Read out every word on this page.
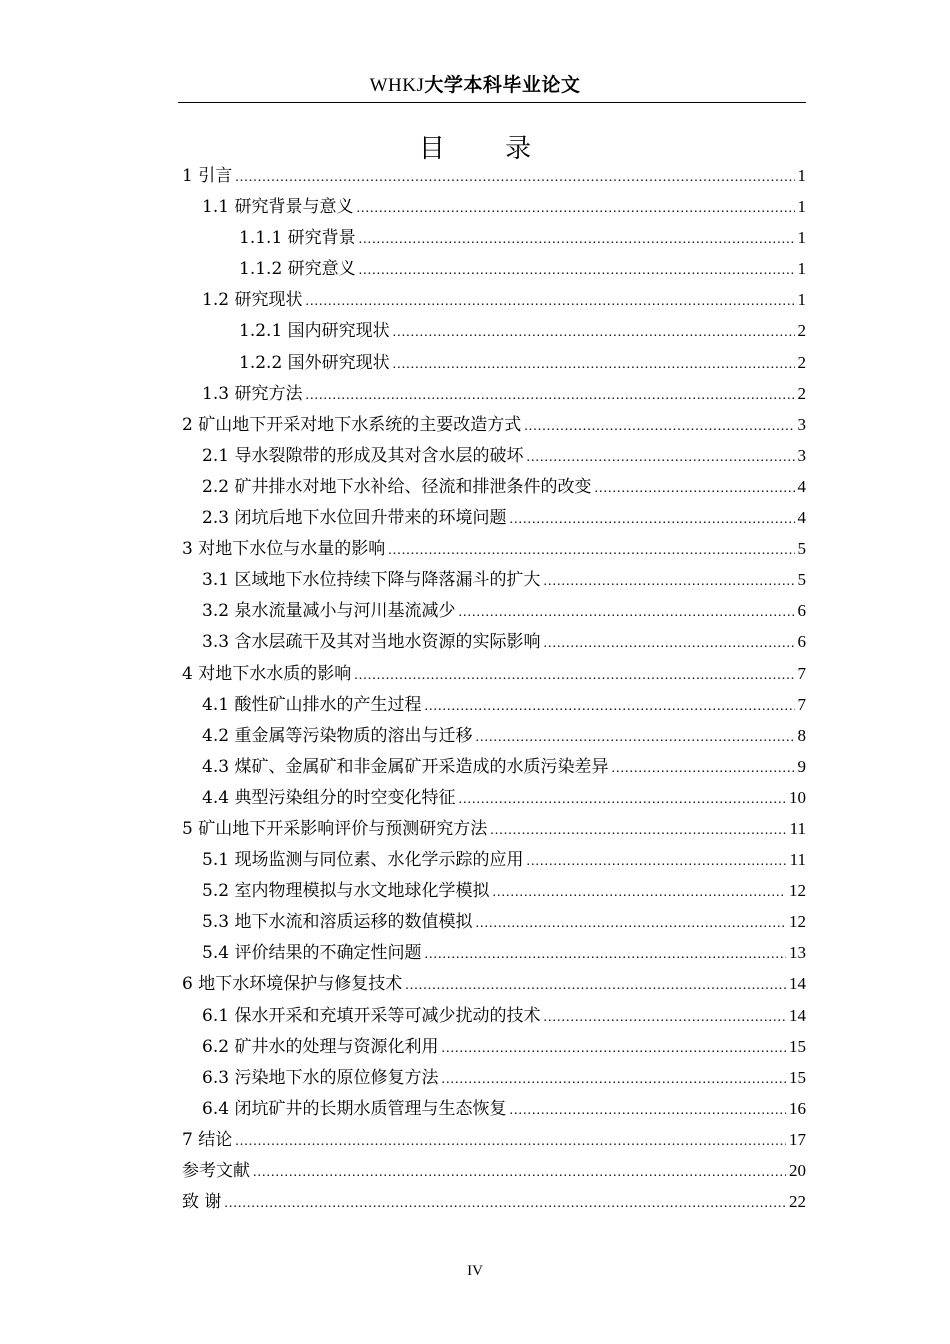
WHKJ大学本科毕业论文
目 录
1 引言 .....	1
1.1 研究背景与意义 .....	1
1.1.1 研究背景 .....	1
1.1.2 研究意义 .....	1
1.2 研究现状 .....	1
1.2.1 国内研究现状 .....	2
1.2.2 国外研究现状 .....	2
1.3 研究方法 .....	2
2 矿山地下开采对地下水系统的主要改造方式 .....	3
2.1 导水裂隙带的形成及其对含水层的破坏 .....	3
2.2 矿井排水对地下水补给、径流和排泄条件的改变 .....	4
2.3 闭坑后地下水位回升带来的环境问题 .....	4
3 对地下水位与水量的影响 .....	5
3.1 区域地下水位持续下降与降落漏斗的扩大 .....	5
3.2 泉水流量减小与河川基流减少 .....	6
3.3 含水层疏干及其对当地水资源的实际影响 .....	6
4 对地下水水质的影响 .....	7
4.1 酸性矿山排水的产生过程 .....	7
4.2 重金属等污染物质的溶出与迁移 .....	8
4.3 煤矿、金属矿和非金属矿开采造成的水质污染差异 .....	9
4.4 典型污染组分的时空变化特征 .....	10
5 矿山地下开采影响评价与预测研究方法 .....	11
5.1 现场监测与同位素、水化学示踪的应用 .....	11
5.2 室内物理模拟与水文地球化学模拟 .....	12
5.3 地下水流和溶质运移的数值模拟 .....	12
5.4 评价结果的不确定性问题 .....	13
6 地下水环境保护与修复技术 .....	14
6.1 保水开采和充填开采等可减少扰动的技术 .....	14
6.2 矿井水的处理与资源化利用 .....	15
6.3 污染地下水的原位修复方法 .....	15
6.4 闭坑矿井的长期水质管理与生态恢复 .....	16
7 结论 .....	17
参考文献 .....	20
致 谢 .....	22
IV
